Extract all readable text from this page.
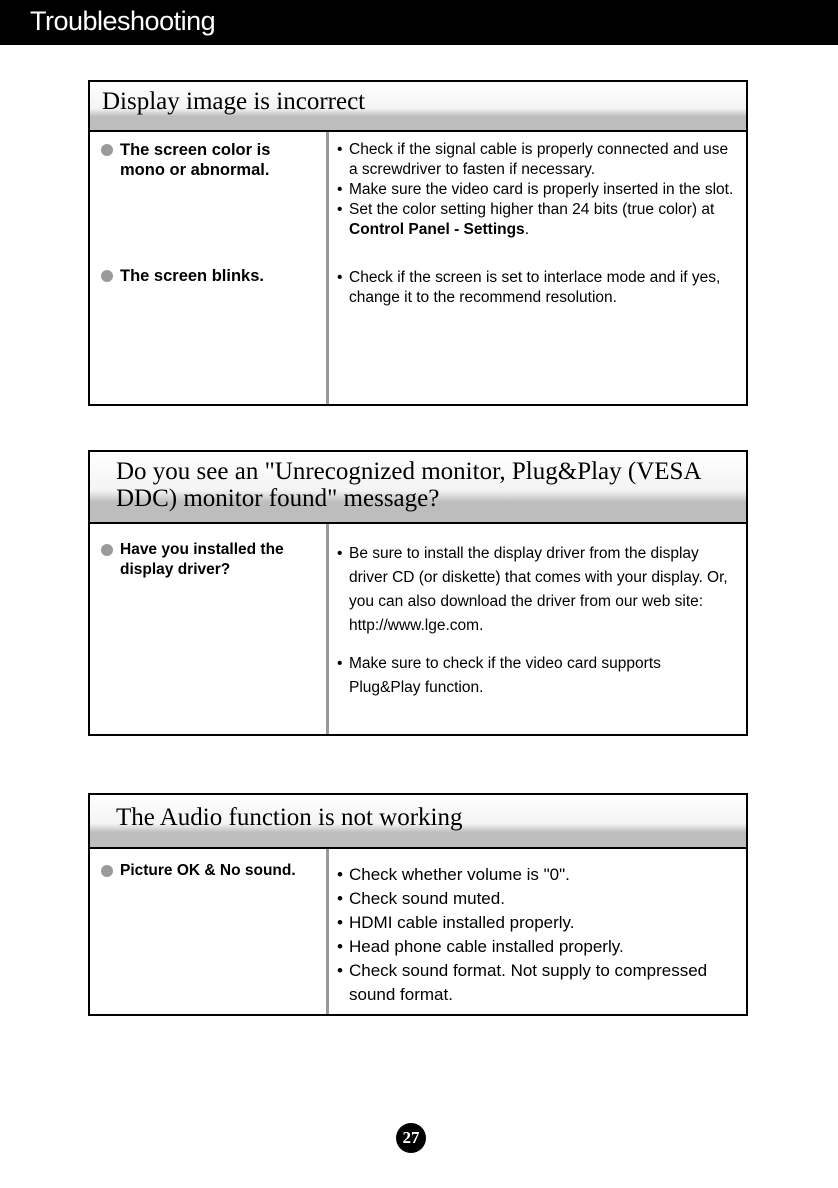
Troubleshooting
Display image is incorrect
The screen color is mono or abnormal.
• Check if the signal cable is properly connected and use a screwdriver to fasten if necessary.
• Make sure the video card is properly inserted in the slot.
• Set the color setting higher than 24 bits (true color) at Control Panel - Settings.
The screen blinks.	• Check if the screen is set to interlace mode and if yes, change it to the recommend resolution.
Do you see an "Unrecognized monitor, Plug&Play (VESA DDC) monitor found" message?
Have you installed the display driver?
• Be sure to install the display driver from the display driver CD (or diskette) that comes with your display. Or, you can also download the driver from our web site: http://www.lge.com.
• Make sure to check if the video card supports Plug&Play function.
The Audio function is not working
Picture OK & No sound.	• Check whether volume is "0".
• Check sound muted.
• HDMI cable installed properly.
• Head phone cable installed properly.
• Check sound format. Not supply to compressed sound format.
27
